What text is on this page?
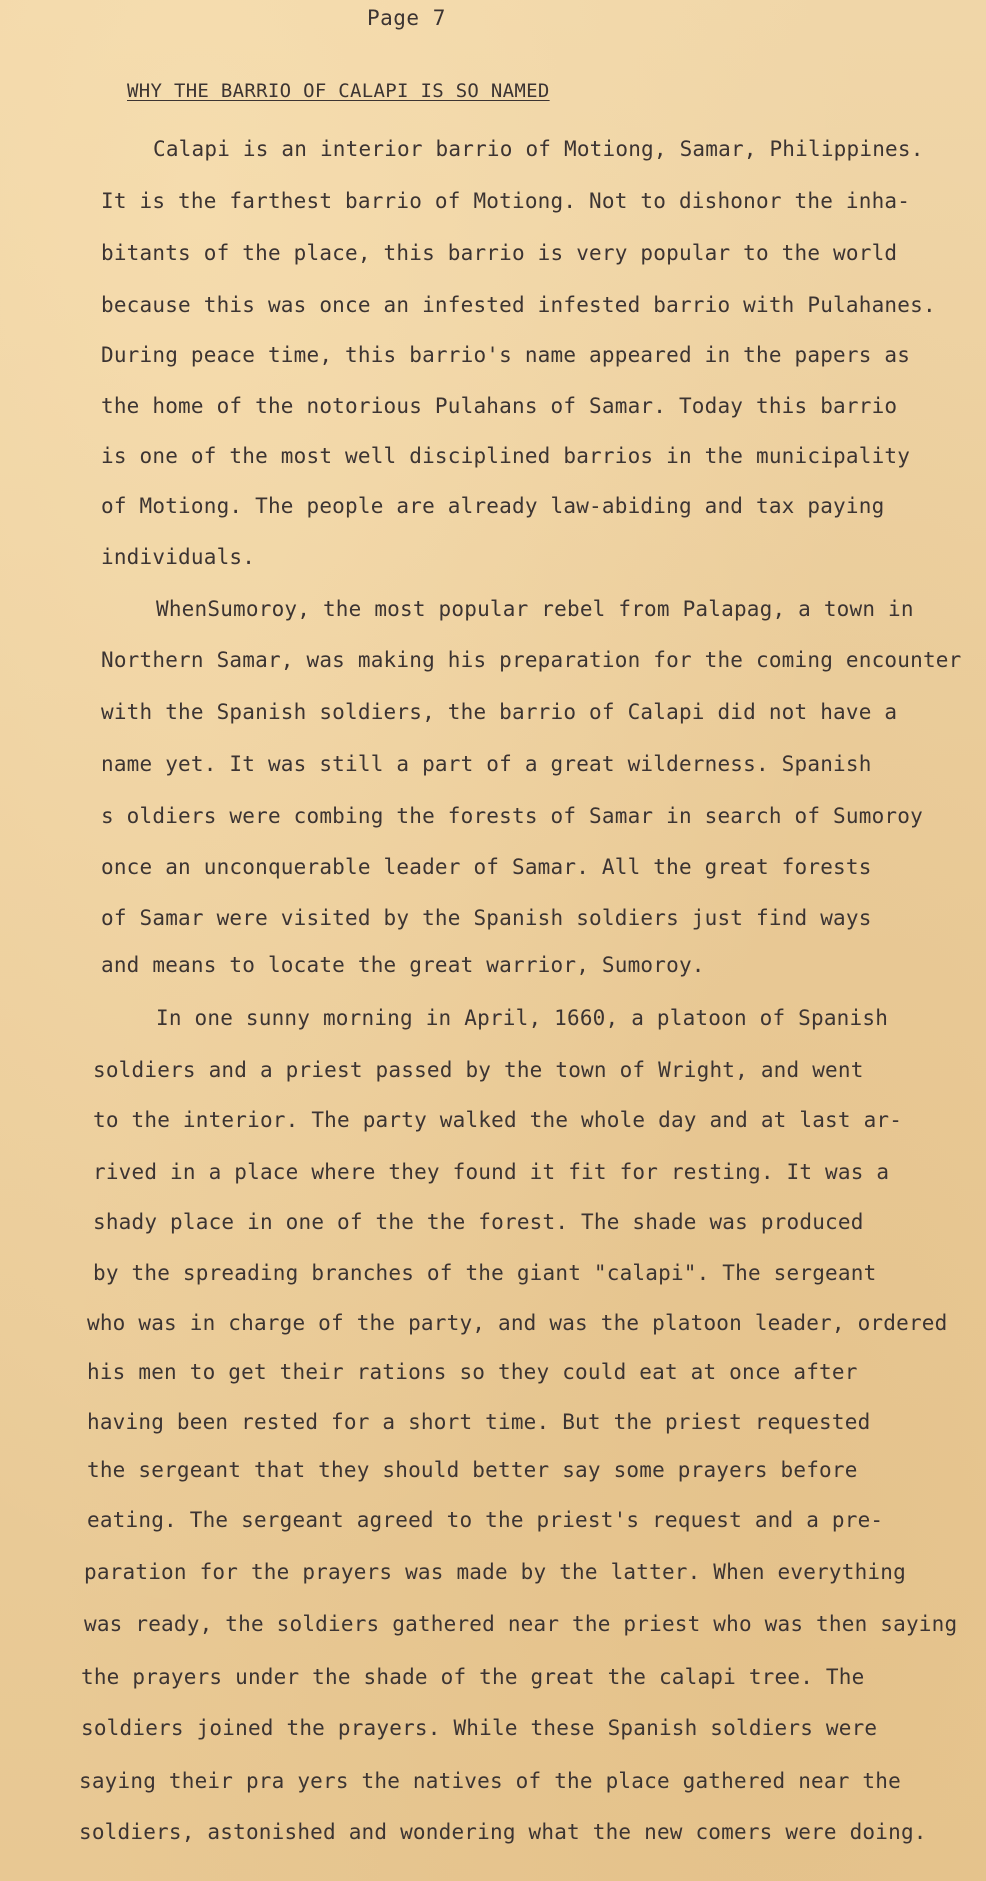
Page 7
WHY THE BARRIO OF CALAPI IS SO NAMED
Calapi is an interior barrio of Motiong, Samar, Philippines.
It is the farthest barrio of Motiong. Not to dishonor the inha-
bitants of the place, this barrio is very popular to the world
because this was once an infested infested barrio with Pulahanes.
During peace time, this barrio's name appeared in the papers as
the home of the notorious Pulahans of Samar. Today this barrio
is one of the most well disciplined barrios in the municipality
of Motiong. The people are already law-abiding and tax paying
individuals.
WhenSumoroy, the most popular rebel from Palapag, a town in
Northern Samar, was making his preparation for the coming encounter
with the Spanish soldiers, the barrio of Calapi did not have a
name yet. It was still a part of a great wilderness. Spanish
s oldiers were combing the forests of Samar in search of Sumoroy
once an unconquerable leader of Samar. All the great forests
of Samar were visited by the Spanish soldiers just find ways
and means to locate the great warrior, Sumoroy.
In one sunny morning in April, 1660, a platoon of Spanish
soldiers and a priest passed by the town of Wright, and went
to the interior. The party walked the whole day and at last ar-
rived in a place where they found it fit for resting. It was a
shady place in one of the the forest. The shade was produced
by the spreading branches of the giant "calapi". The sergeant
who was in charge of the party, and was the platoon leader, ordered
his men to get their rations so they could eat at once after
having been rested for a short time. But the priest requested
the sergeant that they should better say some prayers before
eating. The sergeant agreed to the priest's request and a pre-
paration for the prayers was made by the latter. When everything
was ready, the soldiers gathered near the priest who was then saying
the prayers under the shade of the great the calapi tree. The
soldiers joined the prayers. While these Spanish soldiers were
saying their pra yers the natives of the place gathered near the
soldiers, astonished and wondering what the new comers were doing.
